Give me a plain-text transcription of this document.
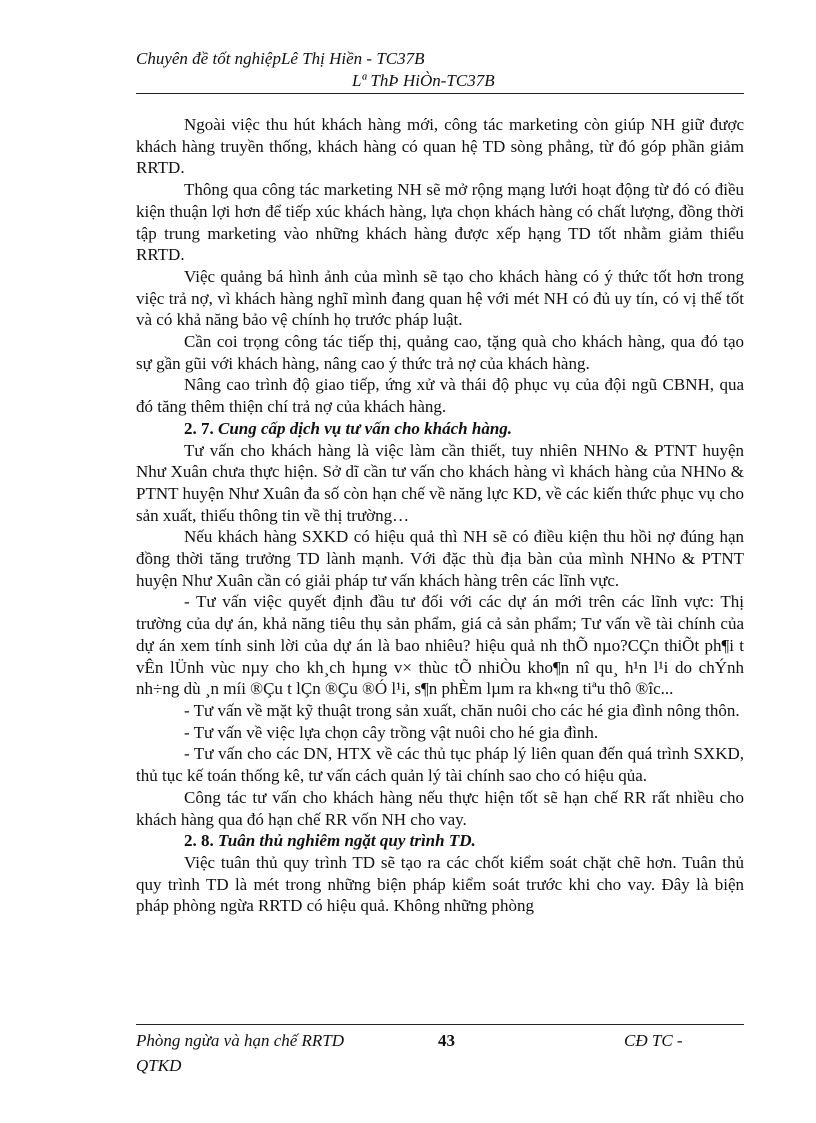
Chuyên đề tốt nghiệpLê Thị Hiền - TC37B
Lª ThÞ HiÒn-TC37B

Ngoài việc thu hút khách hàng mới, công tác marketing còn giúp NH giữ được khách hàng truyền thống, khách hàng có quan hệ TD sòng phẳng, từ đó góp phần giảm RRTD.

Thông qua công tác marketing NH sẽ mở rộng mạng lưới hoạt động từ đó có điều kiện thuận lợi hơn để tiếp xúc khách hàng, lựa chọn khách hàng có chất lượng, đồng thời tập trung marketing vào những khách hàng được xếp hạng TD tốt nhằm giảm thiểu RRTD.

Việc quảng bá hình ảnh của mình sẽ tạo cho khách hàng có ý thức tốt hơn trong việc trả nợ, vì khách hàng nghĩ mình đang quan hệ với mét NH có đủ uy tín, có vị thế tốt và có khả năng bảo vệ chính họ trước pháp luật.

Cần coi trọng công tác tiếp thị, quảng cao, tặng quà cho khách hàng, qua đó tạo sự gần gũi với khách hàng, nâng cao ý thức trả nợ của khách hàng.

Nâng cao trình độ giao tiếp, ứng xử và thái độ phục vụ của đội ngũ CBNH, qua đó tăng thêm thiện chí trả nợ của khách hàng.

2. 7. Cung cấp dịch vụ tư vấn cho khách hàng.

Tư vấn cho khách hàng là việc làm cần thiết, tuy nhiên NHNo & PTNT huyện Như Xuân chưa thực hiện. Sở dĩ cần tư vấn cho khách hàng vì khách hàng của NHNo & PTNT huyện Như Xuân đa số còn hạn chế về năng lực KD, về các kiến thức phục vụ cho sản xuất, thiếu thông tin về thị trường…

Nếu khách hàng SXKD có hiệu quả thì NH sẽ có điều kiện thu hồi nợ đúng hạn đồng thời tăng trưởng TD lành mạnh. Với đặc thù địa bàn của mình NHNo & PTNT huyện Như Xuân cần có giải pháp tư vấn khách hàng trên các lĩnh vực.

- Tư vấn việc quyết định đầu tư đối với các dự án mới trên các lĩnh vực: Thị trường của dự án, khả năng tiêu thụ sản phẩm, giá cả sản phẩm; Tư vấn về tài chính của dự án xem tính sinh lời của dự án là bao nhiêu? hiệu quả nh thÕ nµo?CÇn thiÕt ph¶i t vÊn lÜnh vùc nµy cho kh¸ch hµng v× thùc tÕ nhiÒu kho¶n nî qu¸ h¹n l¹i do chÝnh nh÷ng dù ¸n míi ®Çu t lÇn ®Çu ®Ó l¹i, s¶n phÈm lµm ra kh«ng tiªu thô ®îc...

- Tư vấn về mặt kỹ thuật trong sản xuất, chăn nuôi cho các hé gia đình nông thôn.

- Tư vấn về việc lựa chọn cây trồng vật nuôi cho hé gia đình.

- Tư vấn cho các DN, HTX về các thủ tục pháp lý liên quan đến quá trình SXKD, thủ tục kế toán thống kê, tư vấn cách quản lý tài chính sao cho có hiệu qủa.

Công tác tư vấn cho khách hàng nếu thực hiện tốt sẽ hạn chế RR rất nhiều cho khách hàng qua đó hạn chế RR vốn NH cho vay.

2. 8. Tuân thủ nghiêm ngặt quy trình TD.

Việc tuân thủ quy trình TD sẽ tạo ra các chốt kiểm soát chặt chẽ hơn. Tuân thủ quy trình TD là mét trong những biện pháp kiểm soát trước khi cho vay. Đây là biện pháp phòng ngừa RRTD có hiệu quả. Không những phòng

Phòng ngừa và hạn chế RRTD	43	CĐ TC -
QTKD
